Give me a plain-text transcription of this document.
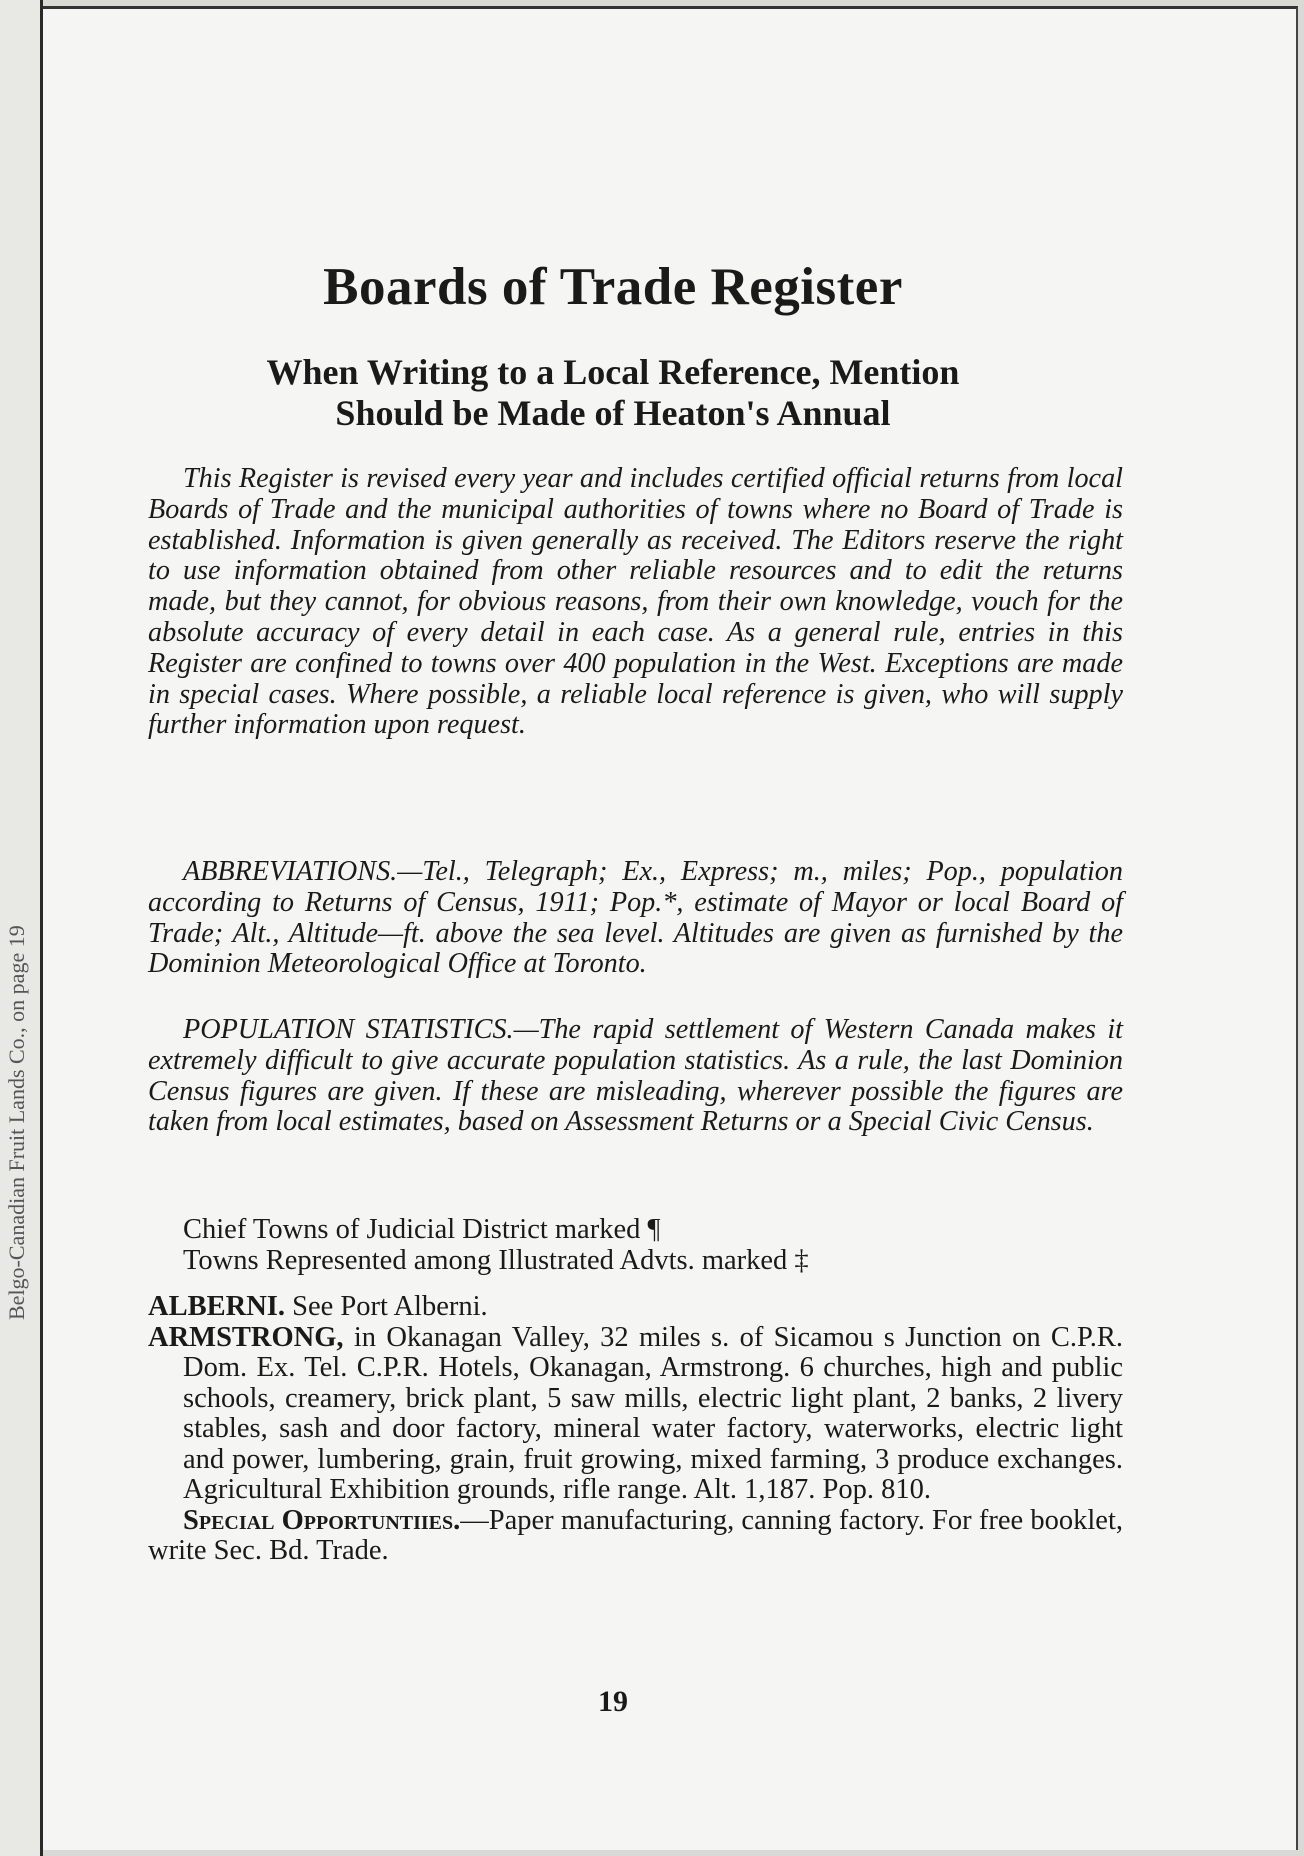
Belgo-Canadian Fruit Lands Co., on page 19
Boards of Trade Register
When Writing to a Local Reference, Mention
Should be Made of Heaton's Annual

This Register is revised every year and includes certified official returns from local Boards of Trade and the municipal authorities of towns where no Board of Trade is established. Information is given generally as received. The Editors reserve the right to use information obtained from other reliable resources and to edit the returns made, but they cannot, for obvious reasons, from their own knowledge, vouch for the absolute accuracy of every detail in each case. As a general rule, entries in this Register are confined to towns over 400 population in the West. Exceptions are made in special cases. Where possible, a reliable local reference is given, who will supply further information upon request.

ABBREVIATIONS.—Tel., Telegraph; Ex., Express; m., miles; Pop., population according to Returns of Census, 1911; Pop.*, estimate of Mayor or local Board of Trade; Alt., Altitude—ft. above the sea level. Altitudes are given as furnished by the Dominion Meteorological Office at Toronto.
POPULATION STATISTICS.—The rapid settlement of Western Canada makes it extremely difficult to give accurate population statistics. As a rule, the last Dominion Census figures are given. If these are misleading, wherever possible the figures are taken from local estimates, based on Assessment Returns or a Special Civic Census.
Chief Towns of Judicial District marked ¶
Towns Represented among Illustrated Advts. marked ‡

ALBERNI. See Port Alberni.

ARMSTRONG, in Okanagan Valley, 32 miles s. of Sicamou s Junction on C.P.R. Dom. Ex. Tel. C.P.R. Hotels, Okanagan, Armstrong. 6 churches, high and public schools, creamery, brick plant, 5 saw mills, electric light plant, 2 banks, 2 livery stables, sash and door factory, mineral water factory, waterworks, electric light and power, lumbering, grain, fruit growing, mixed farming, 3 produce exchanges. Agricultural Exhibition grounds, rifle range. Alt. 1,187. Pop. 810.

Special Opportuntiies.—Paper manufacturing, canning factory. For free booklet, write Sec. Bd. Trade.

19
